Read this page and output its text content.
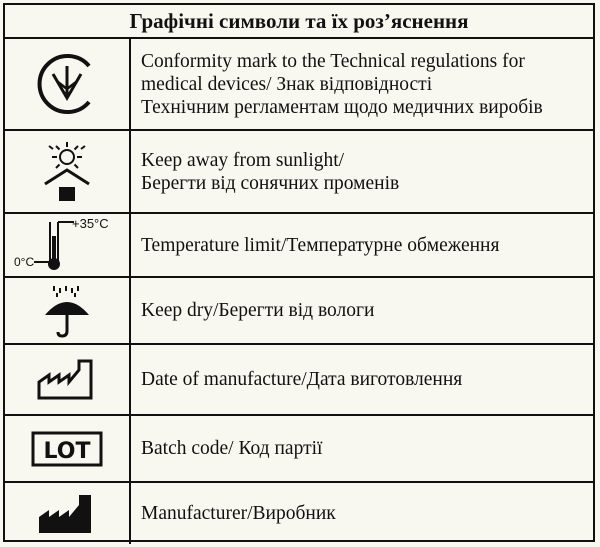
Графічні символи та їх роз’яснення
Conformity mark to the Technical regulations for
medical devices/ Знак відповідності
Технічним регламентам щодо медичних виробів
Keep away from sunlight/
Берегти від сонячних променів
+35°C
0°C
Temperature limit/Температурне обмеження
Keep dry/Берегти від вологи
Date of manufacture/Дата виготовлення
LOT	Batch code/ Код партії
Manufacturer/Виробник
